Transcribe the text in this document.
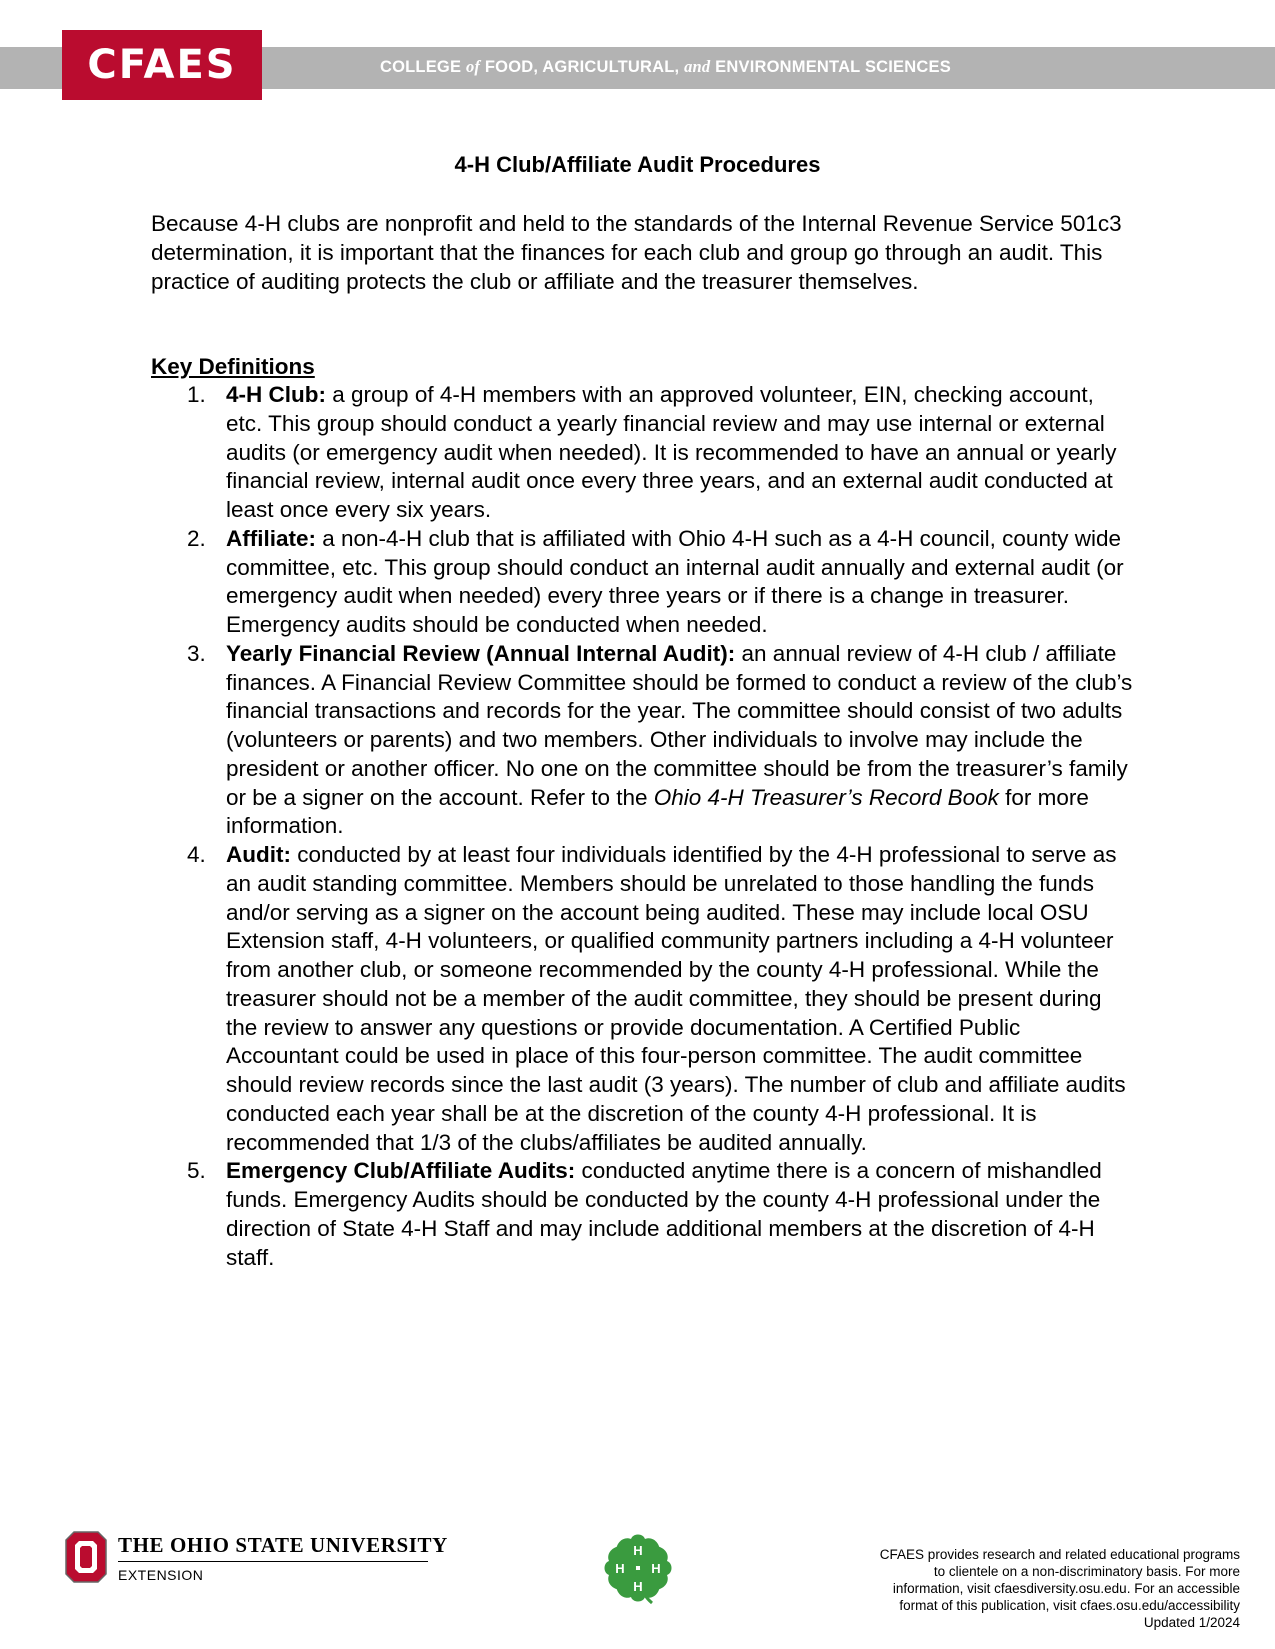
COLLEGE of FOOD, AGRICULTURAL, and ENVIRONMENTAL SCIENCES
CFAES
4-H Club/Affiliate Audit Procedures

Because 4-H clubs are nonprofit and held to the standards of the Internal Revenue Service 501c3 determination, it is important that the finances for each club and group go through an audit. This practice of auditing protects the club or affiliate and the treasurer themselves.

Key Definitions
1. 4-H Club: a group of 4-H members with an approved volunteer, EIN, checking account, etc. This group should conduct a yearly financial review and may use internal or external audits (or emergency audit when needed). It is recommended to have an annual or yearly financial review, internal audit once every three years, and an external audit conducted at least once every six years.
2. Affiliate: a non-4-H club that is affiliated with Ohio 4-H such as a 4-H council, county wide committee, etc. This group should conduct an internal audit annually and external audit (or emergency audit when needed) every three years or if there is a change in treasurer. Emergency audits should be conducted when needed.
3. Yearly Financial Review (Annual Internal Audit): an annual review of 4-H club / affiliate finances. A Financial Review Committee should be formed to conduct a review of the club’s financial transactions and records for the year. The committee should consist of two adults (volunteers or parents) and two members. Other individuals to involve may include the president or another officer. No one on the committee should be from the treasurer’s family or be a signer on the account. Refer to the Ohio 4-H Treasurer’s Record Book for more information.
4. Audit: conducted by at least four individuals identified by the 4-H professional to serve as an audit standing committee. Members should be unrelated to those handling the funds and/or serving as a signer on the account being audited. These may include local OSU Extension staff, 4-H volunteers, or qualified community partners including a 4-H volunteer from another club, or someone recommended by the county 4-H professional. While the treasurer should not be a member of the audit committee, they should be present during the review to answer any questions or provide documentation. A Certified Public Accountant could be used in place of this four-person committee. The audit committee should review records since the last audit (3 years). The number of club and affiliate audits conducted each year shall be at the discretion of the county 4-H professional. It is recommended that 1/3 of the clubs/affiliates be audited annually.
5. Emergency Club/Affiliate Audits: conducted anytime there is a concern of mishandled funds. Emergency Audits should be conducted by the county 4-H professional under the direction of State 4-H Staff and may include additional members at the discretion of 4-H staff.
THE OHIO STATE UNIVERSITY
EXTENSION
H
H
H
H
CFAES provides research and related educational programs
to clientele on a non-discriminatory basis. For more
information, visit cfaesdiversity.osu.edu. For an accessible
format of this publication, visit cfaes.osu.edu/accessibility
Updated 1/2024
